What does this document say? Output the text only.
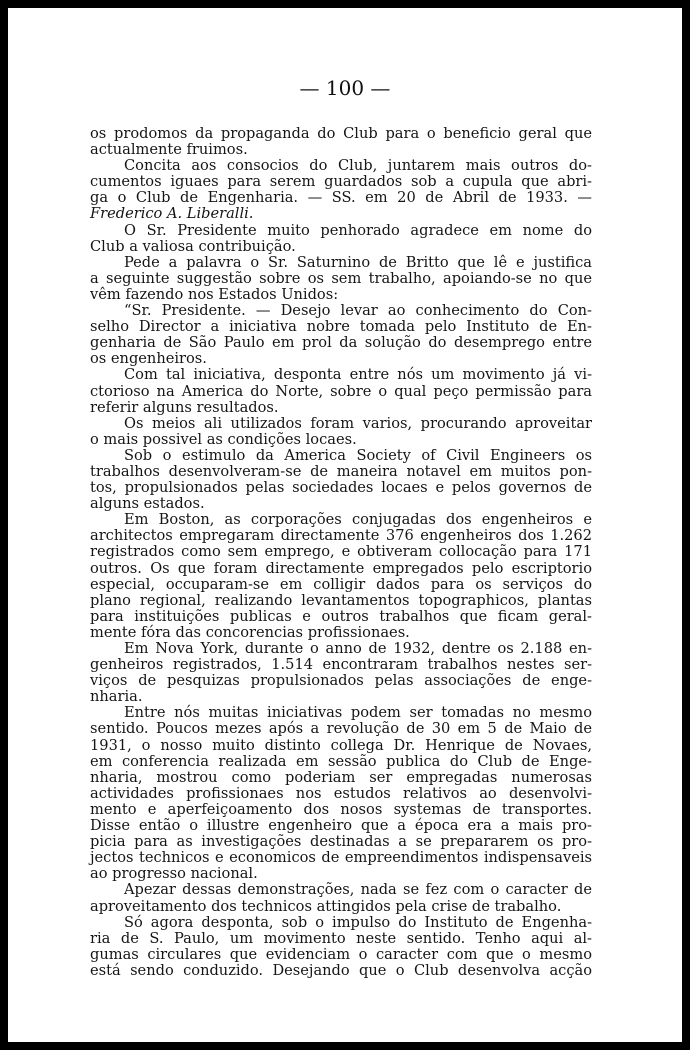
— 100 —

os prodomos da propaganda do Club para o beneficio geral que

actualmente fruimos.

Concita aos consocios do Club, juntarem mais outros do-

cumentos iguaes para serem guardados sob a cupula que abri-

ga o Club de Engenharia. — SS. em 20 de Abril de 1933. —

Frederico A. Liberalli.

O Sr. Presidente muito penhorado agradece em nome do

Club a valiosa contribuição.

Pede a palavra o Sr. Saturnino de Britto que lê e justifica

a seguinte suggestão sobre os sem trabalho, apoiando-se no que

vêm fazendo nos Estados Unidos:

“Sr. Presidente. — Desejo levar ao conhecimento do Con-

selho Director a iniciativa nobre tomada pelo Instituto de En-

genharia de São Paulo em prol da solução do desemprego entre

os engenheiros.

Com tal iniciativa, desponta entre nós um movimento já vi-

ctorioso na America do Norte, sobre o qual peço permissão para

referir alguns resultados.

Os meios ali utilizados foram varios, procurando aproveitar

o mais possivel as condições locaes.

Sob o estimulo da America Society of Civil Engineers os

trabalhos desenvolveram-se de maneira notavel em muitos pon-

tos, propulsionados pelas sociedades locaes e pelos governos de

alguns estados.

Em Boston, as corporações conjugadas dos engenheiros e

architectos empregaram directamente 376 engenheiros dos 1.262

registrados como sem emprego, e obtiveram collocação para 171

outros. Os que foram directamente empregados pelo escriptorio

especial, occuparam-se em colligir dados para os serviços do

plano regional, realizando levantamentos topographicos, plantas

para instituições publicas e outros trabalhos que ficam geral-

mente fóra das concorencias profissionaes.

Em Nova York, durante o anno de 1932, dentre os 2.188 en-

genheiros registrados, 1.514 encontraram trabalhos nestes ser-

viços de pesquizas propulsionados pelas associações de enge-

nharia.

Entre nós muitas iniciativas podem ser tomadas no mesmo

sentido. Poucos mezes após a revolução de 30 em 5 de Maio de

1931, o nosso muito distinto collega Dr. Henrique de Novaes,

em conferencia realizada em sessão publica do Club de Enge-

nharia, mostrou como poderiam ser empregadas numerosas

actividades profissionaes nos estudos relativos ao desenvolvi-

mento e aperfeiçoamento dos nosos systemas de transportes.

Disse então o illustre engenheiro que a época era a mais pro-

picia para as investigações destinadas a se prepararem os pro-

jectos technicos e economicos de empreendimentos indispensaveis

ao progresso nacional.

Apezar dessas demonstrações, nada se fez com o caracter de

aproveitamento dos technicos attingidos pela crise de trabalho.

Só agora desponta, sob o impulso do Instituto de Engenha-

ria de S. Paulo, um movimento neste sentido. Tenho aqui al-

gumas circulares que evidenciam o caracter com que o mesmo

está sendo conduzido. Desejando que o Club desenvolva acção
